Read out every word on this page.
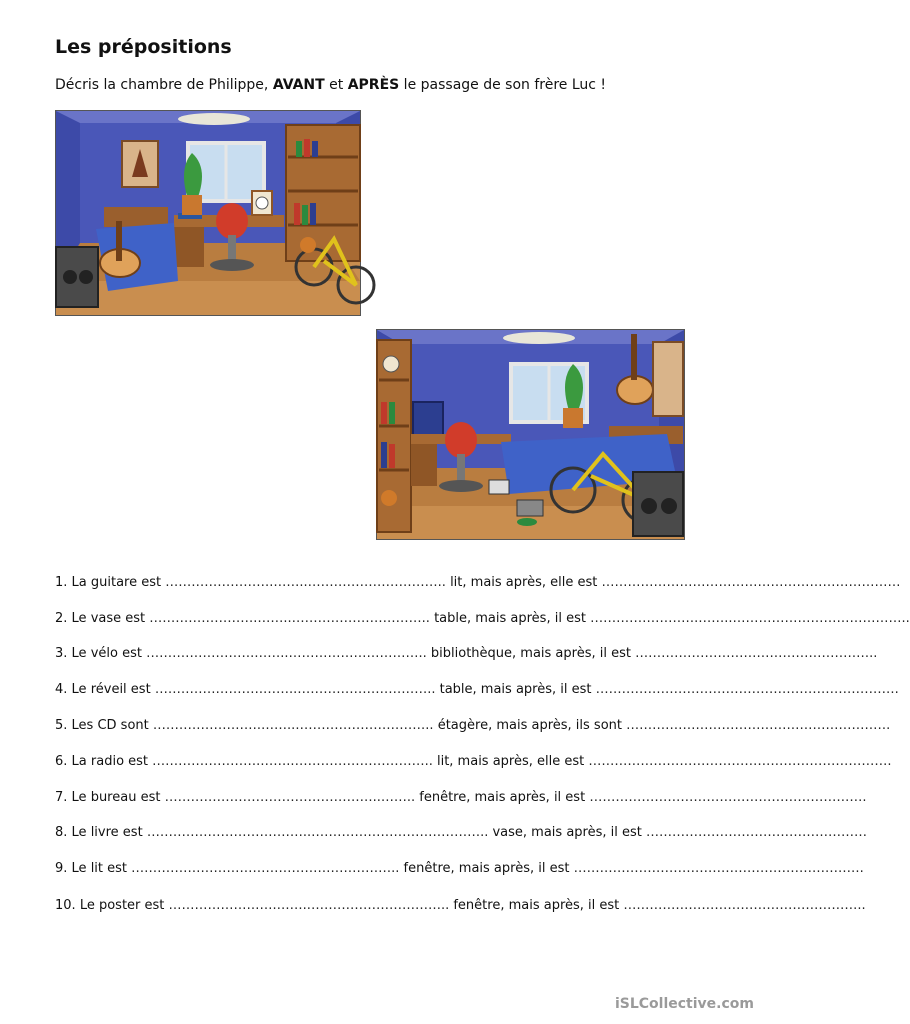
Les prépositions
Décris la chambre de Philippe, AVANT et APRÈS le passage de son frère Luc !
1. La guitare est …………………….……..………………………….. lit, mais après, elle est ……………………………………………………………
2. Le vase est …………………….……..………………………….. table, mais après, il est …………………….……..…………………………………..
3. Le vélo est …………………….……..………………………….. bibliothèque, mais après, il est ………………………………………………..
4. Le réveil est …………………….……..………………………….. table, mais après, il est …………………………………………………………….
5. Les CD sont …………………….……..………………………….. étagère, mais après, ils sont …………………………………………………….
6. La radio est …………………….……..………………………….. lit, mais après, elle est …………………………………………………………….
7. Le bureau est …………………………………………..…….. fenêtre, mais après, il est ……………………………………………………….
8. Le livre est ………………………………..………………………………….. vase, mais après, il est ……………………………………………
9. Le lit est …………………………………………………….. fenêtre, mais après, il est ………………………………………………………….
10. Le poster est …………………….……..………………………….. fenêtre, mais après, il est ………………………………………………..
iSLCollective.com
